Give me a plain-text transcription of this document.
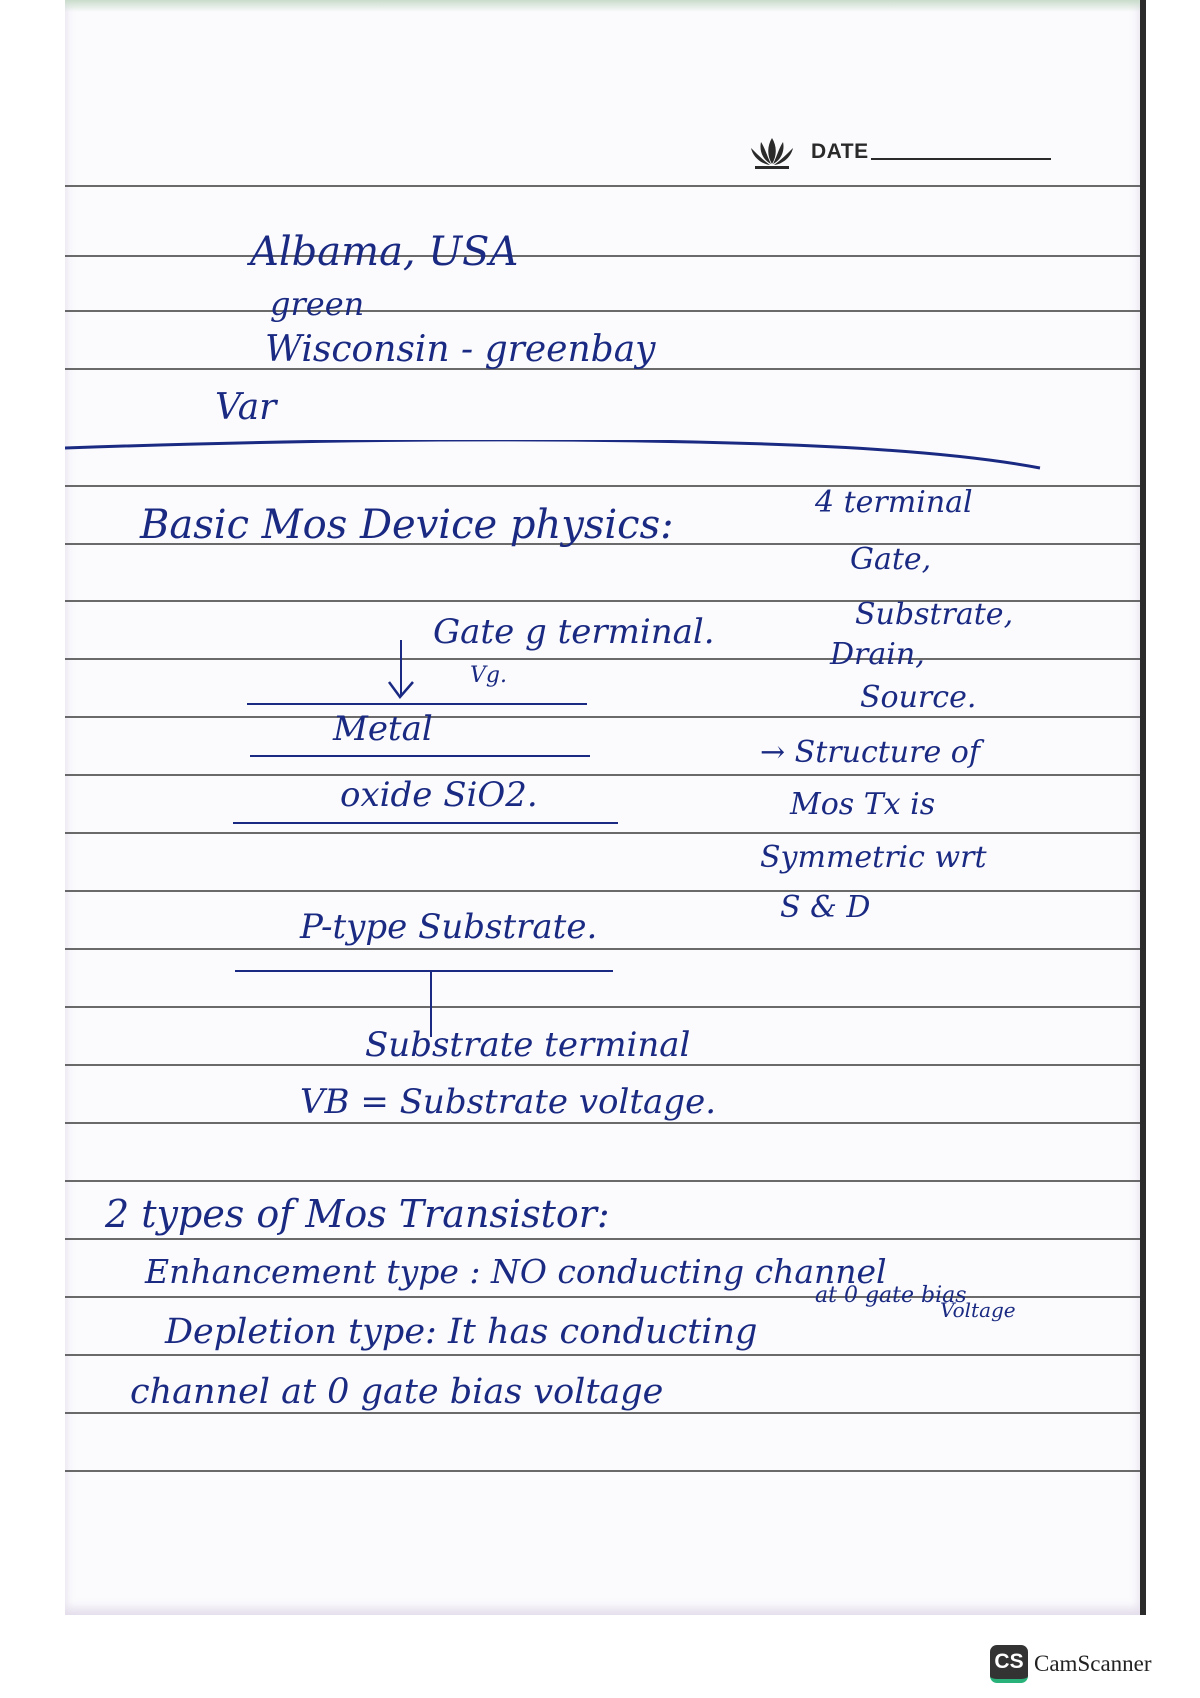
DATE
Albama, USA
green
Wisconsin - greenbay
Var
Basic Mos Device physics:	4 terminal
Gate,
Substrate,
Drain,
Source.
→ Structure of
Mos Tx is
Symmetric wrt
S & D
Gate g terminal.
Vg.
Metal
oxide SiO2.
P-type Substrate.
Substrate terminal
VB = Substrate voltage.
2 types of Mos Transistor:
Enhancement type : NO conducting channel
at 0 gate bias
Voltage
Depletion type: It has conducting
channel at 0 gate bias voltage
CS CamScanner
